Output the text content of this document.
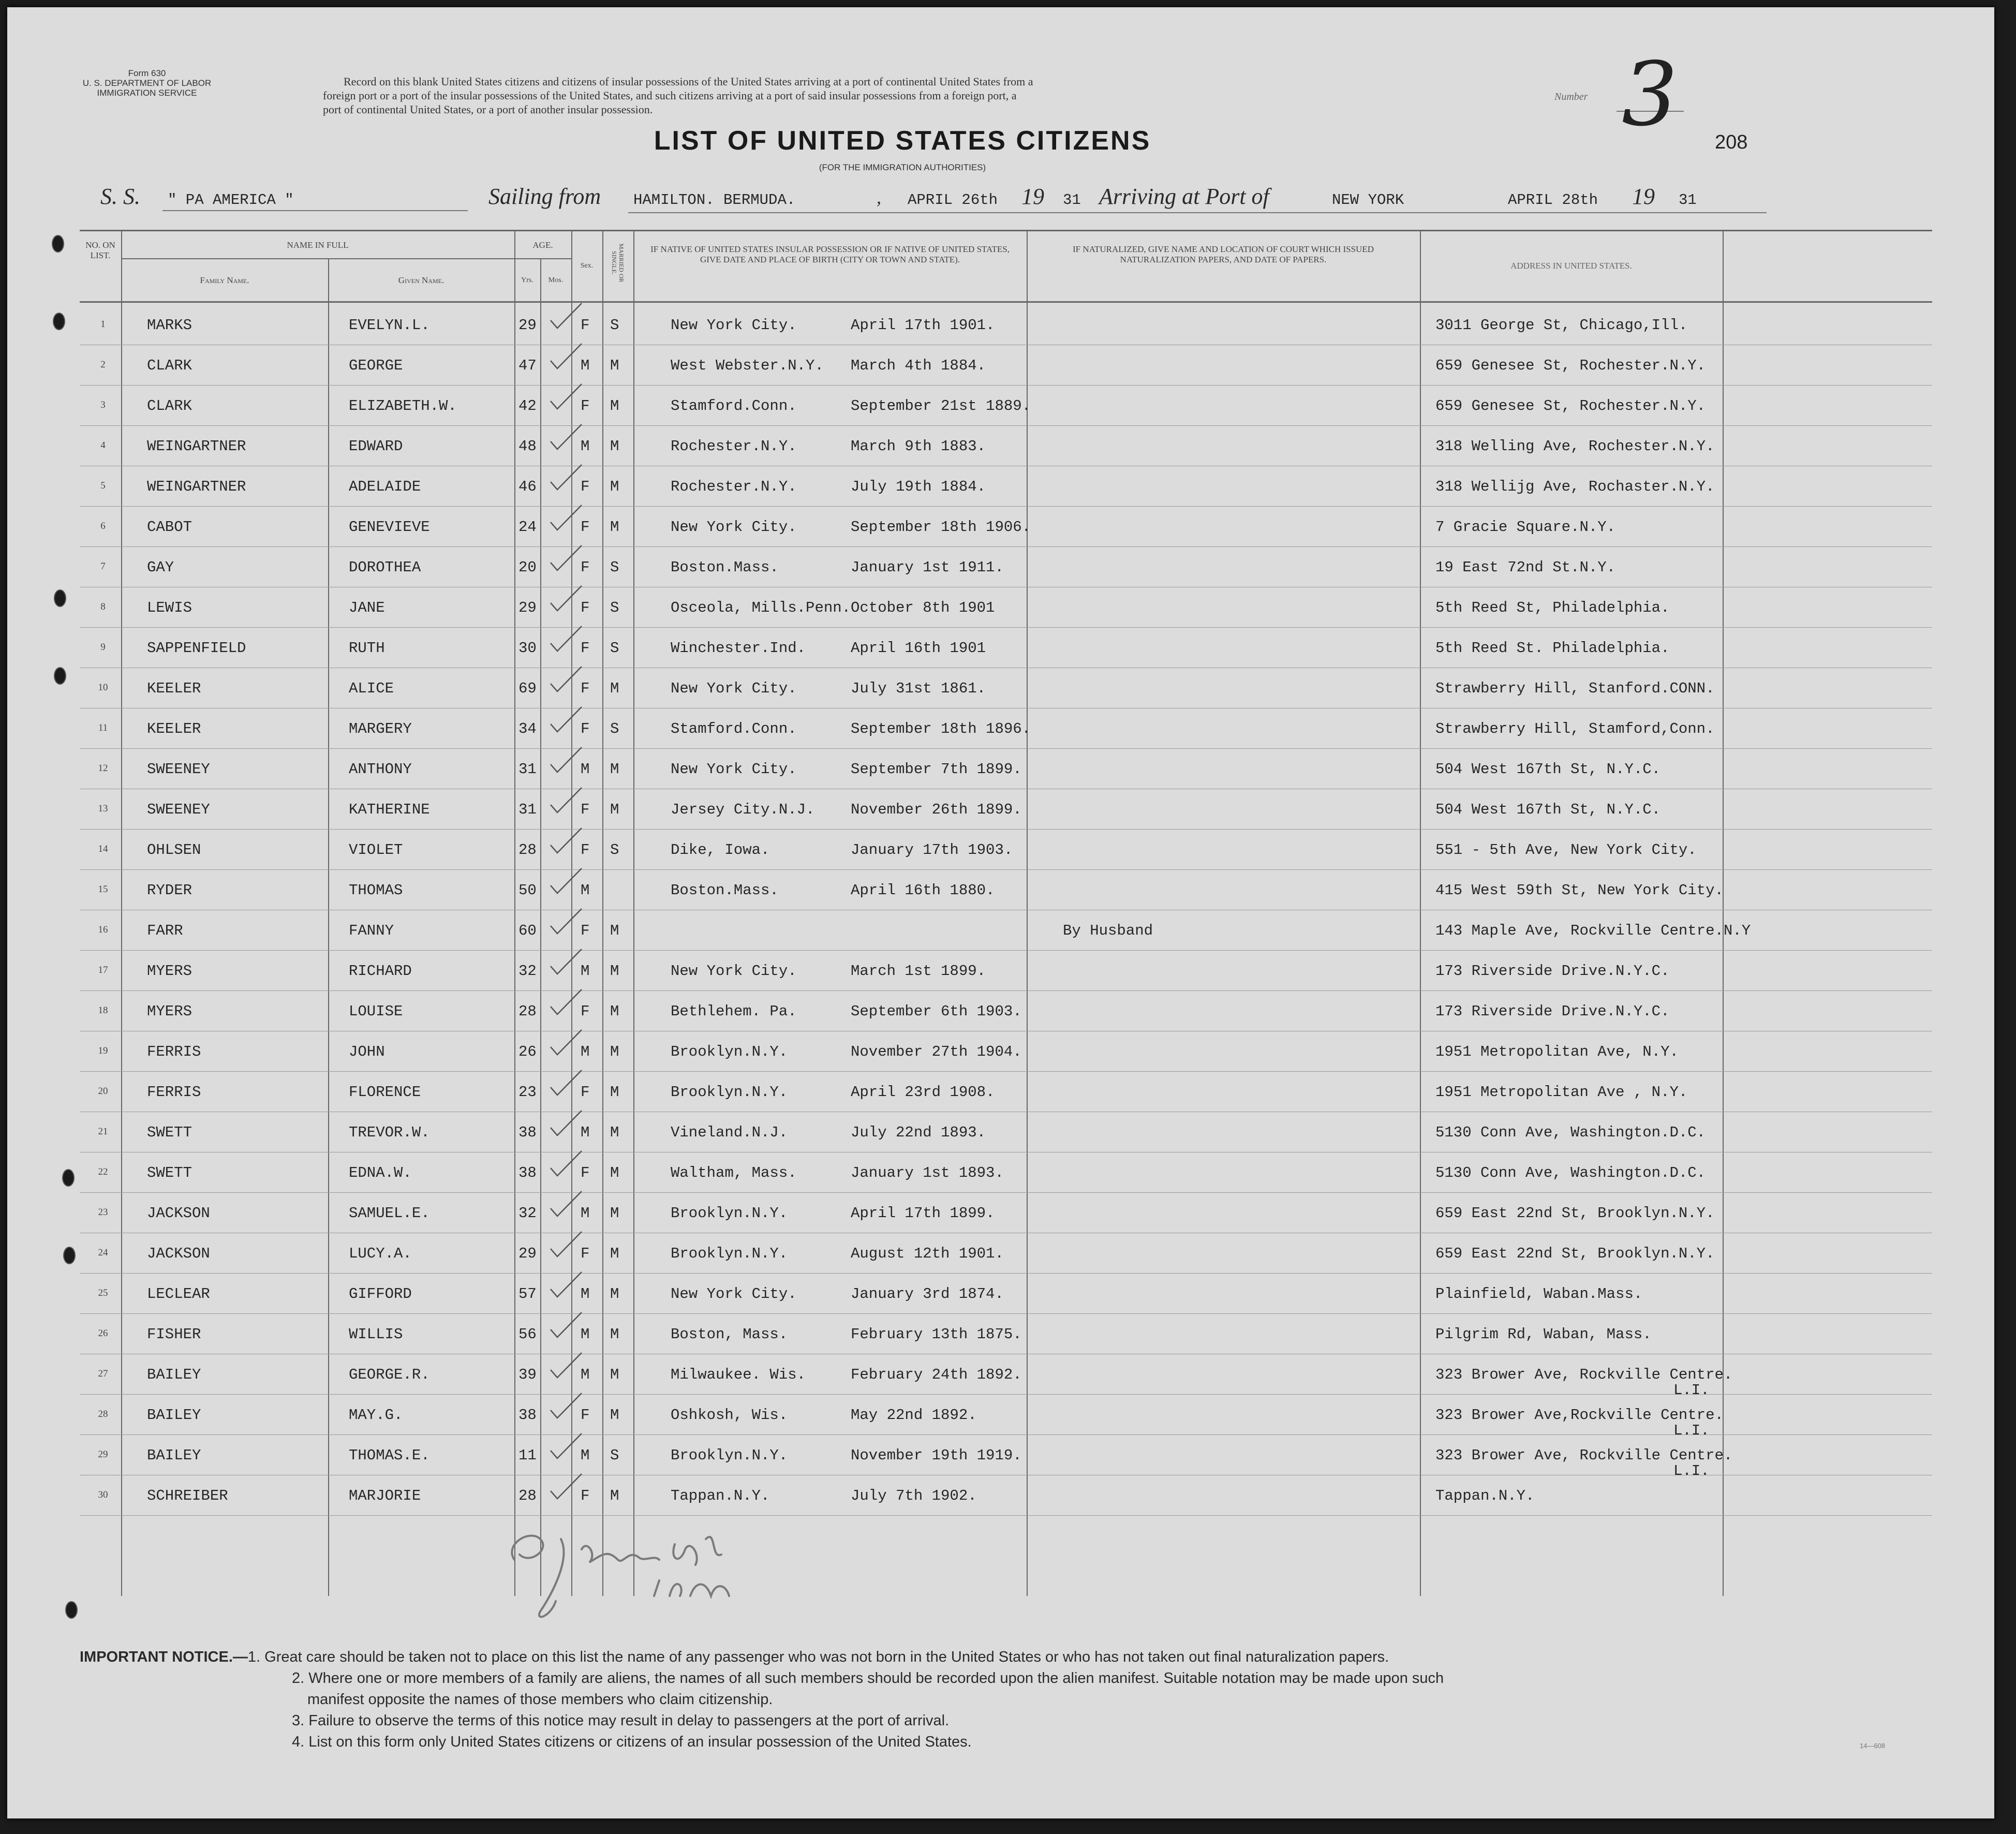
Form 630
U. S. DEPARTMENT OF LABOR
IMMIGRATION SERVICE
Record on this blank United States citizens and citizens of insular possessions of the United States arriving at a port of continental United States from a
foreign port or a port of the insular possessions of the United States, and such citizens arriving at a port of said insular possessions from a foreign port, a
port of continental United States, or a port of another insular possession.
Number 3 208
LIST OF UNITED STATES CITIZENS
(FOR THE IMMIGRATION AUTHORITIES)
S. S. " PA AMERICA "	Sailing from HAMILTON. BERMUDA.	, APRIL 26th 19 31 Arriving at Port of	NEW YORK	APRIL 28th 19 31
NO. ON LIST.
NAME IN FULL
Family Name.	Given Name.
AGE.
Yrs.	Mos.
Sex.	MARRIED OR SINGLE.
IF NATIVE OF UNITED STATES INSULAR POSSESSION OR IF NATIVE OF UNITED STATES, GIVE DATE AND PLACE OF BIRTH (CITY OR TOWN AND STATE).
IF NATURALIZED, GIVE NAME AND LOCATION OF COURT WHICH ISSUED NATURALIZATION PAPERS, AND DATE OF PAPERS.
ADDRESS IN UNITED STATES.
1	MARKS	EVELYN.L.	29	F S	New York City.	April 17th 1901.	3011 George St, Chicago,Ill.
2	CLARK	GEORGE	47	M M	West Webster.N.Y. March 4th 1884.	659 Genesee St, Rochester.N.Y.
3	CLARK	ELIZABETH.W.	42	F M	Stamford.Conn.	September 21st 1889.	659 Genesee St, Rochester.N.Y.
4	WEINGARTNER	EDWARD	48	M M	Rochester.N.Y.	March 9th 1883.	318 Welling Ave, Rochester.N.Y.
5	WEINGARTNER	ADELAIDE	46	F M	Rochester.N.Y.	July 19th 1884.	318 Wellijg Ave, Rochaster.N.Y.
6	CABOT	GENEVIEVE	24	F M	New York City.	September 18th 1906.	7 Gracie Square.N.Y.
7	GAY	DOROTHEA	20	F S	Boston.Mass.	January 1st 1911.	19 East 72nd St.N.Y.
8	LEWIS	JANE	29	F S	Osceola, Mills.Penn. October 8th 1901	5th Reed St, Philadelphia.
9	SAPPENFIELD	RUTH	30	F S	Winchester.Ind.	April 16th 1901	5th Reed St. Philadelphia.
10	KEELER	ALICE	69	F M	New York City.	July 31st 1861.	Strawberry Hill, Stanford.CONN.
11	KEELER	MARGERY	34	F S	Stamford.Conn.	September 18th 1896.	Strawberry Hill, Stamford,Conn.
12	SWEENEY	ANTHONY	31	M M	New York City.	September 7th 1899.	504 West 167th St, N.Y.C.
13	SWEENEY	KATHERINE	31	F M	Jersey City.N.J. November 26th 1899.	504 West 167th St, N.Y.C.
14	OHLSEN	VIOLET	28	F S	Dike, Iowa.	January 17th 1903.	551 - 5th Ave, New York City.
15	RYDER	THOMAS	50	M	Boston.Mass.	April 16th 1880.	415 West 59th St, New York City.
16	FARR	FANNY	60	F M	By Husband	143 Maple Ave, Rockville Centre.N.Y
17	MYERS	RICHARD	32	M M	New York City.	March 1st 1899.	173 Riverside Drive.N.Y.C.
18	MYERS	LOUISE	28	F M	Bethlehem. Pa.	September 6th 1903.	173 Riverside Drive.N.Y.C.
19	FERRIS	JOHN	26	M M	Brooklyn.N.Y.	November 27th 1904.	1951 Metropolitan Ave, N.Y.
20	FERRIS	FLORENCE	23	F M	Brooklyn.N.Y.	April 23rd 1908.	1951 Metropolitan Ave , N.Y.
21	SWETT	TREVOR.W.	38	M M	Vineland.N.J.	July 22nd 1893.	5130 Conn Ave, Washington.D.C.
22	SWETT	EDNA.W.	38	F M	Waltham, Mass.	January 1st 1893.	5130 Conn Ave, Washington.D.C.
23	JACKSON	SAMUEL.E.	32	M M	Brooklyn.N.Y.	April 17th 1899.	659 East 22nd St, Brooklyn.N.Y.
24	JACKSON	LUCY.A.	29	F M	Brooklyn.N.Y.	August 12th 1901.	659 East 22nd St, Brooklyn.N.Y.
25	LECLEAR	GIFFORD	57	M M	New York City.	January 3rd 1874.	Plainfield, Waban.Mass.
26	FISHER	WILLIS	56	M M	Boston, Mass.	February 13th 1875.	Pilgrim Rd, Waban, Mass.
27	BAILEY	GEORGE.R.	39	M M	Milwaukee. Wis.	February 24th 1892.	323 Brower Ave, Rockville Centre.
L.I.
28	BAILEY	MAY.G.	38	F M	Oshkosh, Wis.	May 22nd 1892.	323 Brower Ave,Rockville Centre.
L.I.
29	BAILEY	THOMAS.E.	11	M S	Brooklyn.N.Y.	November 19th 1919.	323 Brower Ave, Rockville Centre.
L.I.
30	SCHREIBER	MARJORIE	28	F M	Tappan.N.Y.	July 7th 1902.	Tappan.N.Y.
IMPORTANT NOTICE.—1. Great care should be taken not to place on this list the name of any passenger who was not born in the United States or who has not taken out final naturalization papers.
2. Where one or more members of a family are aliens, the names of all such members should be recorded upon the alien manifest. Suitable notation may be made upon such
manifest opposite the names of those members who claim citizenship.
3. Failure to observe the terms of this notice may result in delay to passengers at the port of arrival.
4. List on this form only United States citizens or citizens of an insular possession of the United States.	14—608
